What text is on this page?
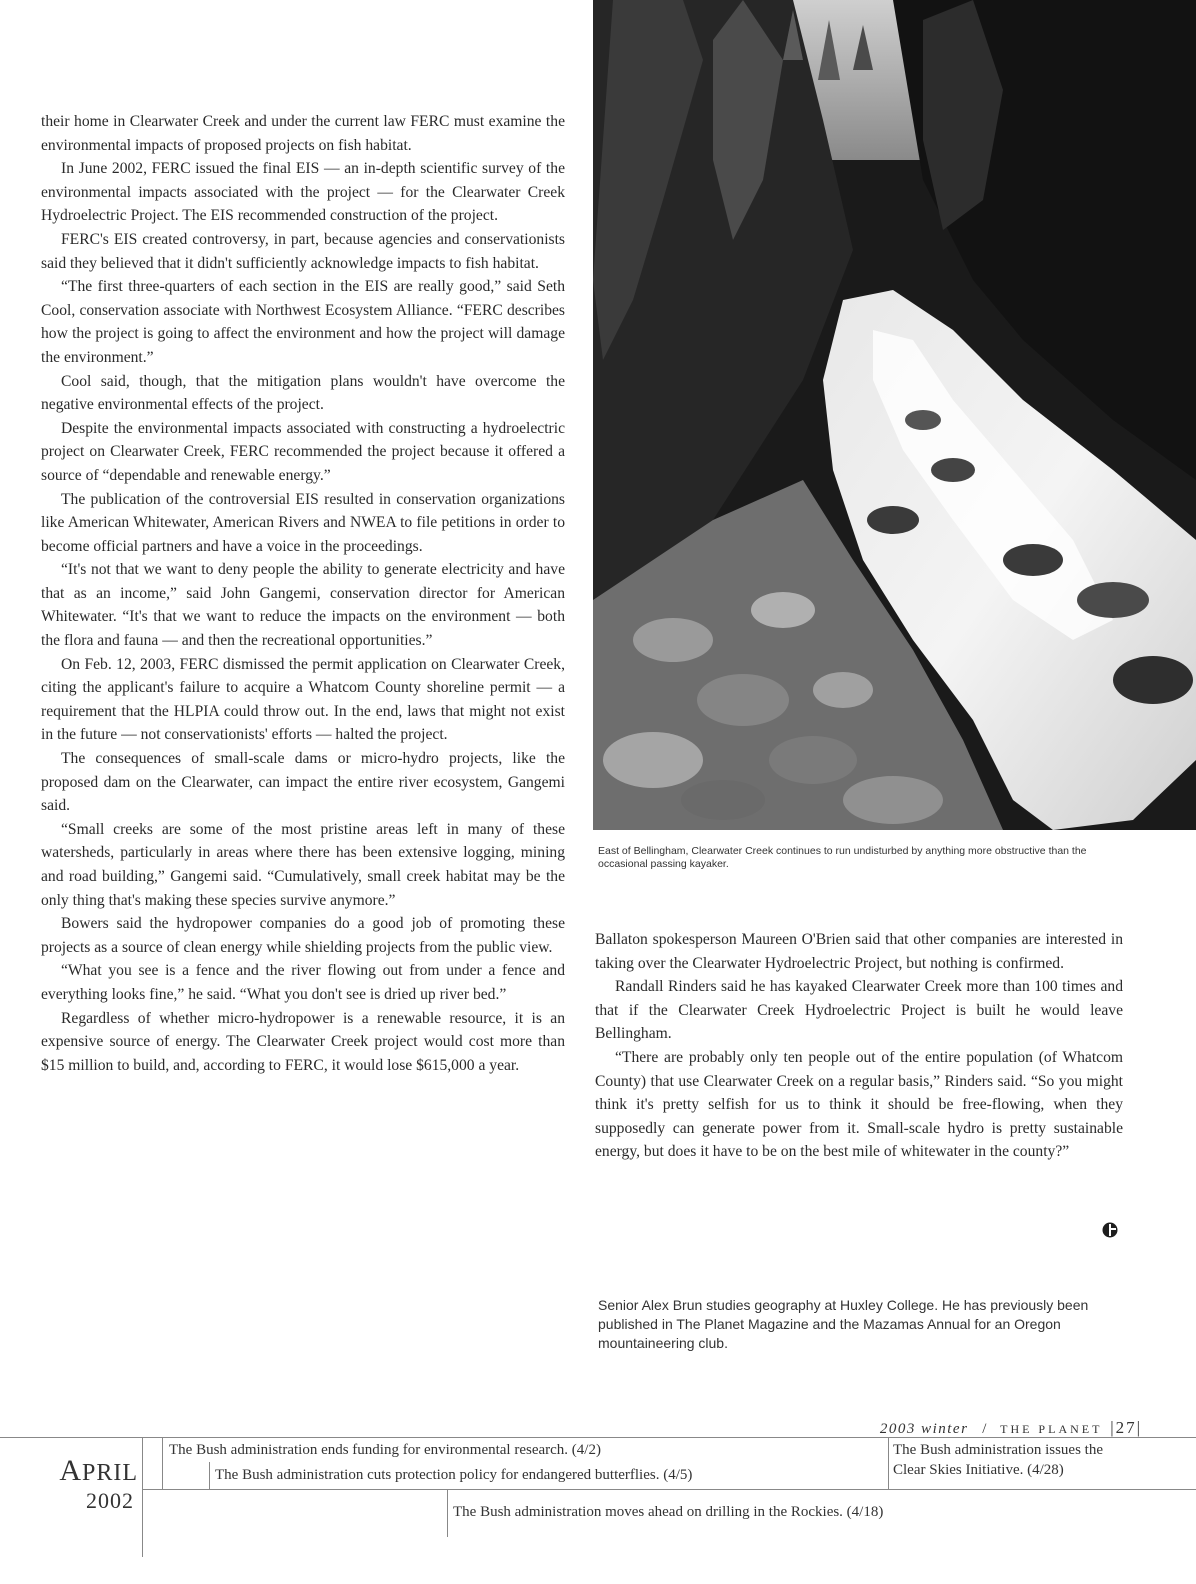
their home in Clearwater Creek and under the current law FERC must examine the environmental impacts of proposed projects on fish habitat.

In June 2002, FERC issued the final EIS — an in-depth scientific survey of the environmental impacts associated with the project — for the Clearwater Creek Hydroelectric Project. The EIS recommended construction of the project.

FERC's EIS created controversy, in part, because agencies and conservationists said they believed that it didn't sufficiently acknowledge impacts to fish habitat.

“The first three-quarters of each section in the EIS are really good,” said Seth Cool, conservation associate with Northwest Ecosystem Alliance. “FERC describes how the project is going to affect the environment and how the project will damage the environment.”

Cool said, though, that the mitigation plans wouldn't have overcome the negative environmental effects of the project.

Despite the environmental impacts associated with constructing a hydroelectric project on Clearwater Creek, FERC recommended the project because it offered a source of “dependable and renewable energy.”

The publication of the controversial EIS resulted in conservation organizations like American Whitewater, American Rivers and NWEA to file petitions in order to become official partners and have a voice in the proceedings.

“It's not that we want to deny people the ability to generate electricity and have that as an income,” said John Gangemi, conservation director for American Whitewater. “It's that we want to reduce the impacts on the environment — both the flora and fauna — and then the recreational opportunities.”

On Feb. 12, 2003, FERC dismissed the permit application on Clearwater Creek, citing the applicant's failure to acquire a Whatcom County shoreline permit — a requirement that the HLPIA could throw out. In the end, laws that might not exist in the future — not conservationists' efforts — halted the project.

The consequences of small-scale dams or micro-hydro projects, like the proposed dam on the Clearwater, can impact the entire river ecosystem, Gangemi said.

“Small creeks are some of the most pristine areas left in many of these watersheds, particularly in areas where there has been extensive logging, mining and road building,” Gangemi said. “Cumulatively, small creek habitat may be the only thing that's making these species survive anymore.”

Bowers said the hydropower companies do a good job of promoting these projects as a source of clean energy while shielding projects from the public view.

“What you see is a fence and the river flowing out from under a fence and everything looks fine,” he said. “What you don't see is dried up river bed.”

Regardless of whether micro-hydropower is a renewable resource, it is an expensive source of energy. The Clearwater Creek project would cost more than $15 million to build, and, according to FERC, it would lose $615,000 a year.

East of Bellingham, Clearwater Creek continues to run undisturbed by anything more obstructive than the occasional passing kayaker.

Ballaton spokesperson Maureen O'Brien said that other companies are interested in taking over the Clearwater Hydroelectric Project, but nothing is confirmed.

Randall Rinders said he has kayaked Clearwater Creek more than 100 times and that if the Clearwater Creek Hydroelectric Project is built he would leave Bellingham.

“There are probably only ten people out of the entire population (of Whatcom County) that use Clearwater Creek on a regular basis,” Rinders said. “So you might think it's pretty selfish for us to think it should be free-flowing, when they supposedly can generate power from it. Small-scale hydro is pretty sustainable energy, but does it have to be on the best mile of whitewater in the county?”

Senior Alex Brun studies geography at Huxley College. He has previously been published in The Planet Magazine and the Mazamas Annual for an Oregon mountaineering club.
2003 winter / THE PLANET |27|
APRIL
2002
The Bush administration ends funding for environmental research. (4/2)
The Bush administration cuts protection policy for endangered butterflies. (4/5)
The Bush administration moves ahead on drilling in the Rockies. (4/18)
The Bush administration issues the Clear Skies Initiative. (4/28)
